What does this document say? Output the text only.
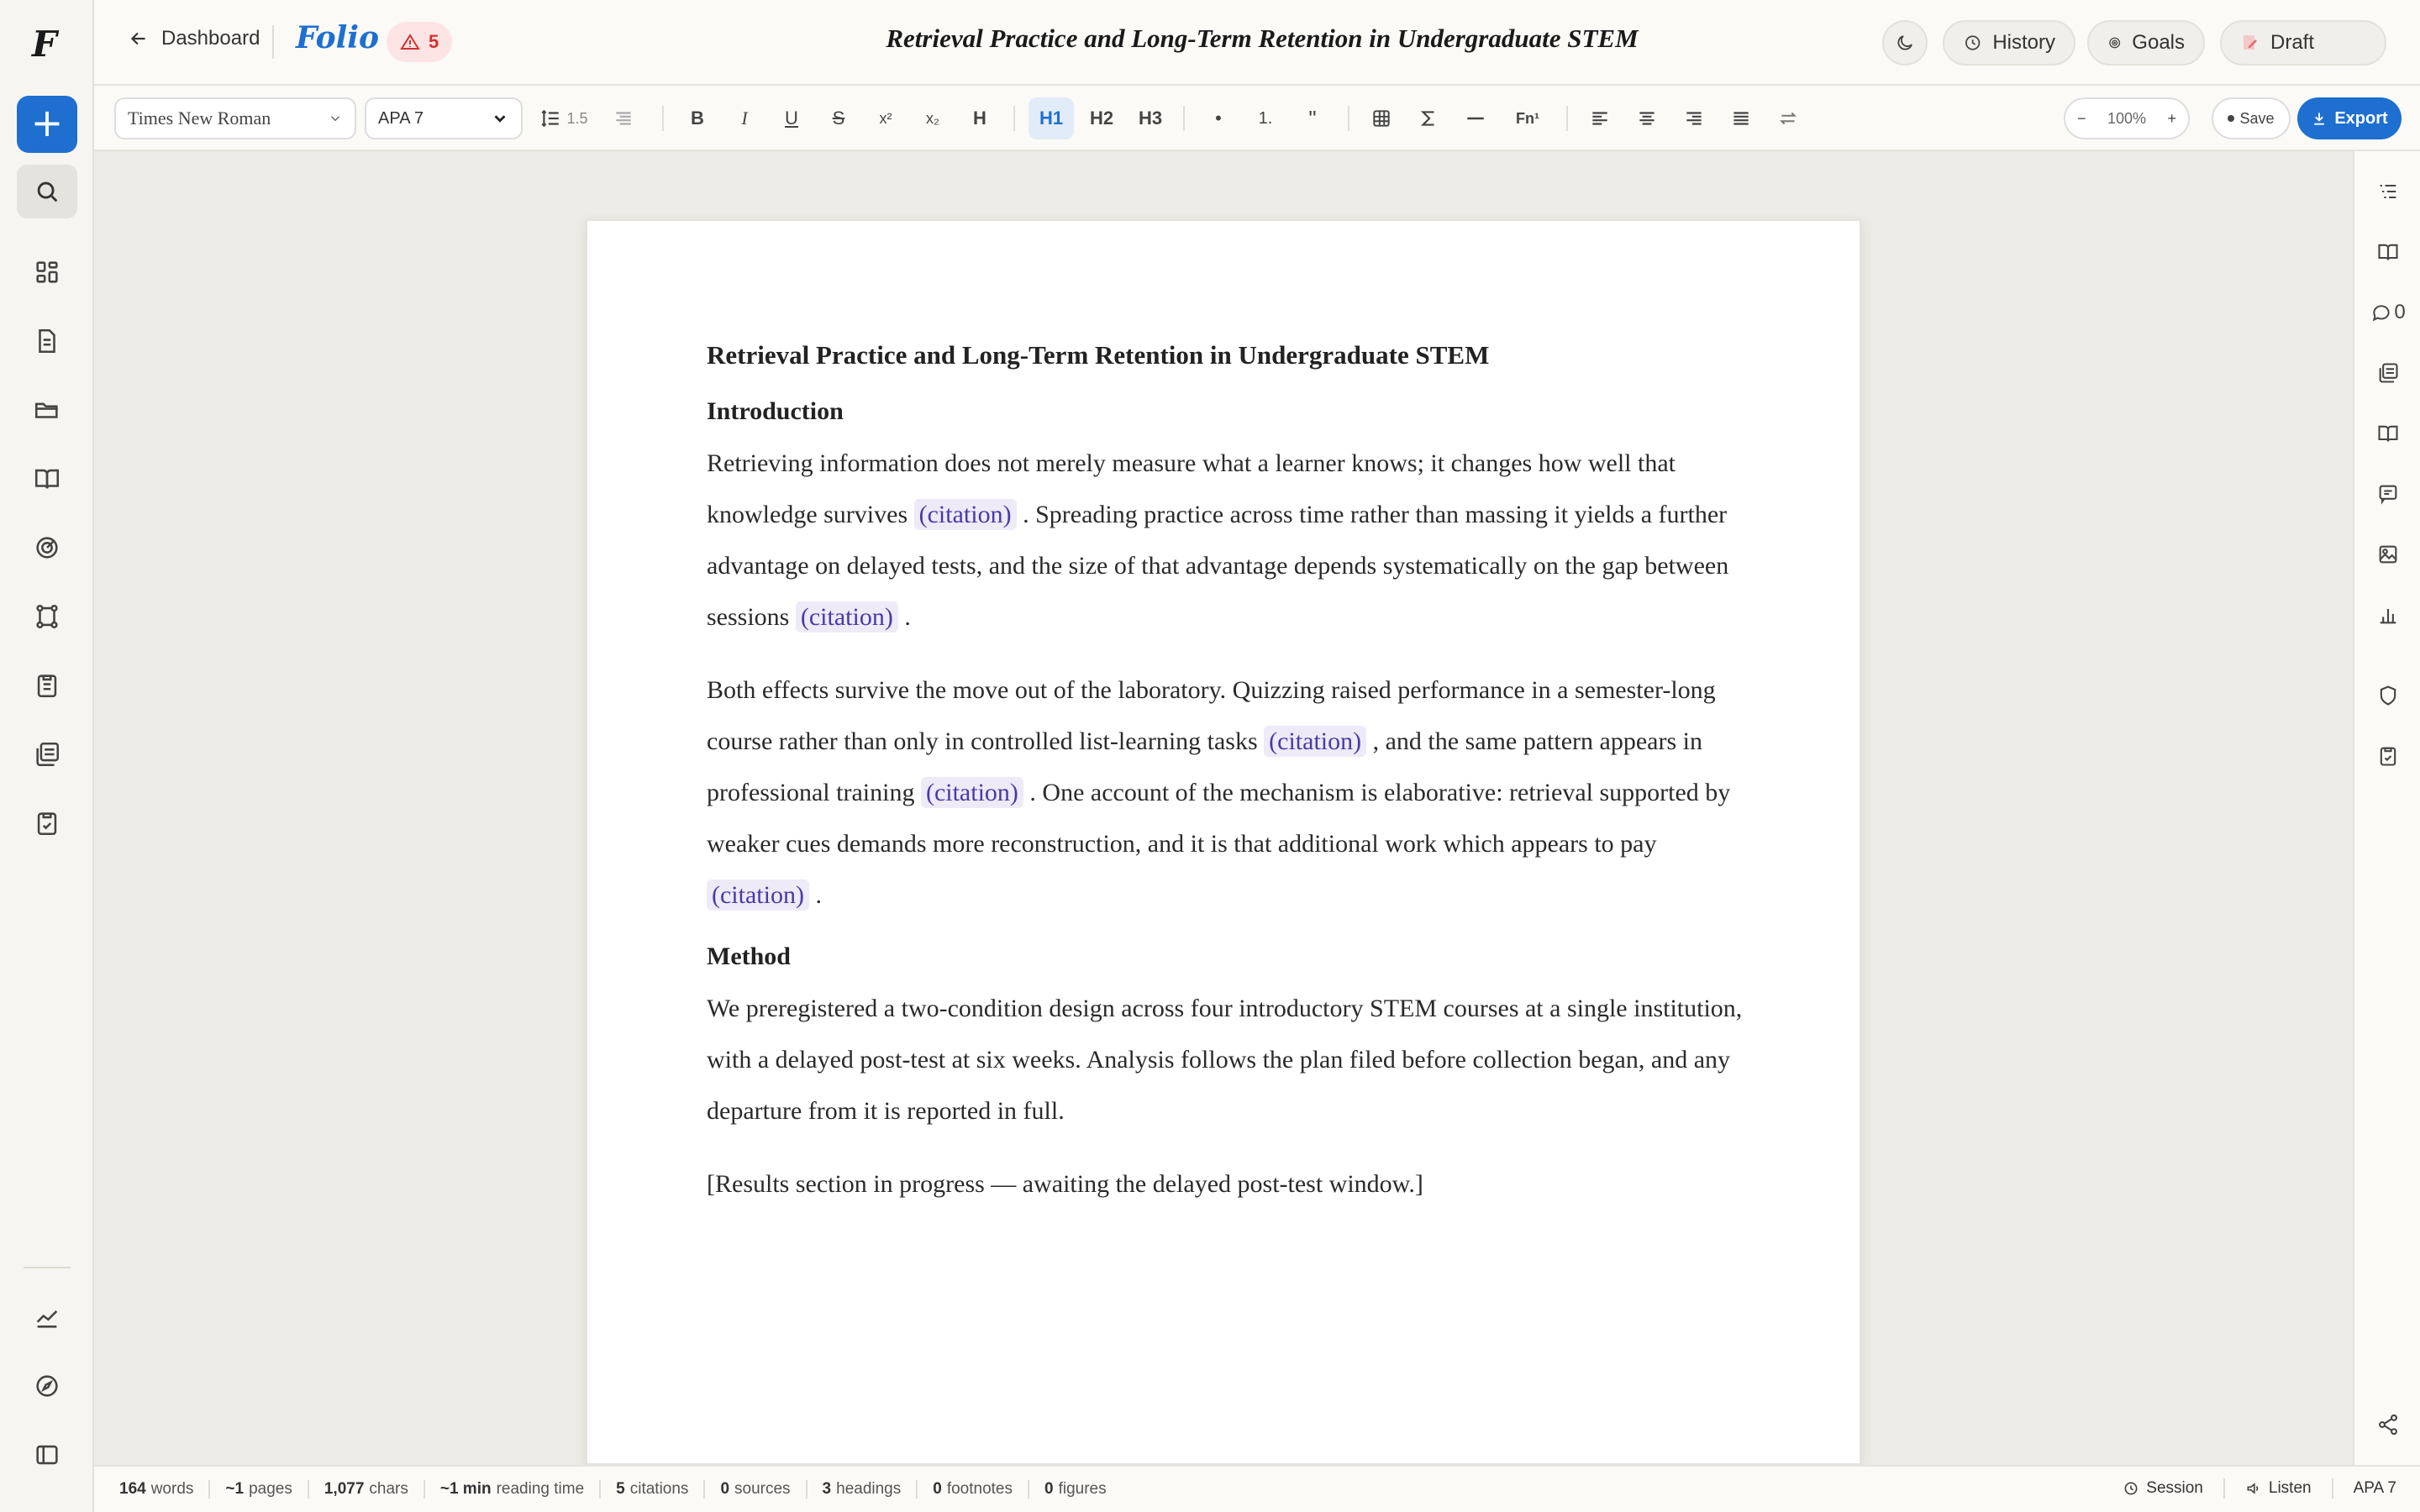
F
+
Dashboard Folio	5	Retrieval Practice and Long-Term Retention in Undergraduate STEM	History	Goals	Draft
Times New Roman	APA 7	1.5	B	I	U	S	x²	x₂	H	H1	H2	H3	•	1.	"	Fn¹	− 100% +	Save	Export
0
Retrieval Practice and Long-Term Retention in Undergraduate STEM
Introduction
Retrieving information does not merely measure what a learner knows; it changes how well that knowledge survives (citation) . Spreading practice across time rather than massing it yields a further advantage on delayed tests, and the size of that advantage depends systematically on the gap between sessions (citation) .
Both effects survive the move out of the laboratory. Quizzing raised performance in a semester-long course rather than only in controlled list-learning tasks (citation) , and the same pattern appears in professional training (citation) . One account of the mechanism is elaborative: retrieval supported by weaker cues demands more reconstruction, and it is that additional work which appears to pay (citation) .
Method
We preregistered a two-condition design across four introductory STEM courses at a single institution, with a delayed post-test at six weeks. Analysis follows the plan filed before collection began, and any departure from it is reported in full.
[Results section in progress — awaiting the delayed post-test window.]
164 words ~1 pages 1,077 chars ~1 min reading time 5 citations 0 sources 3 headings 0 footnotes 0 figures	Session	Listen	APA 7
